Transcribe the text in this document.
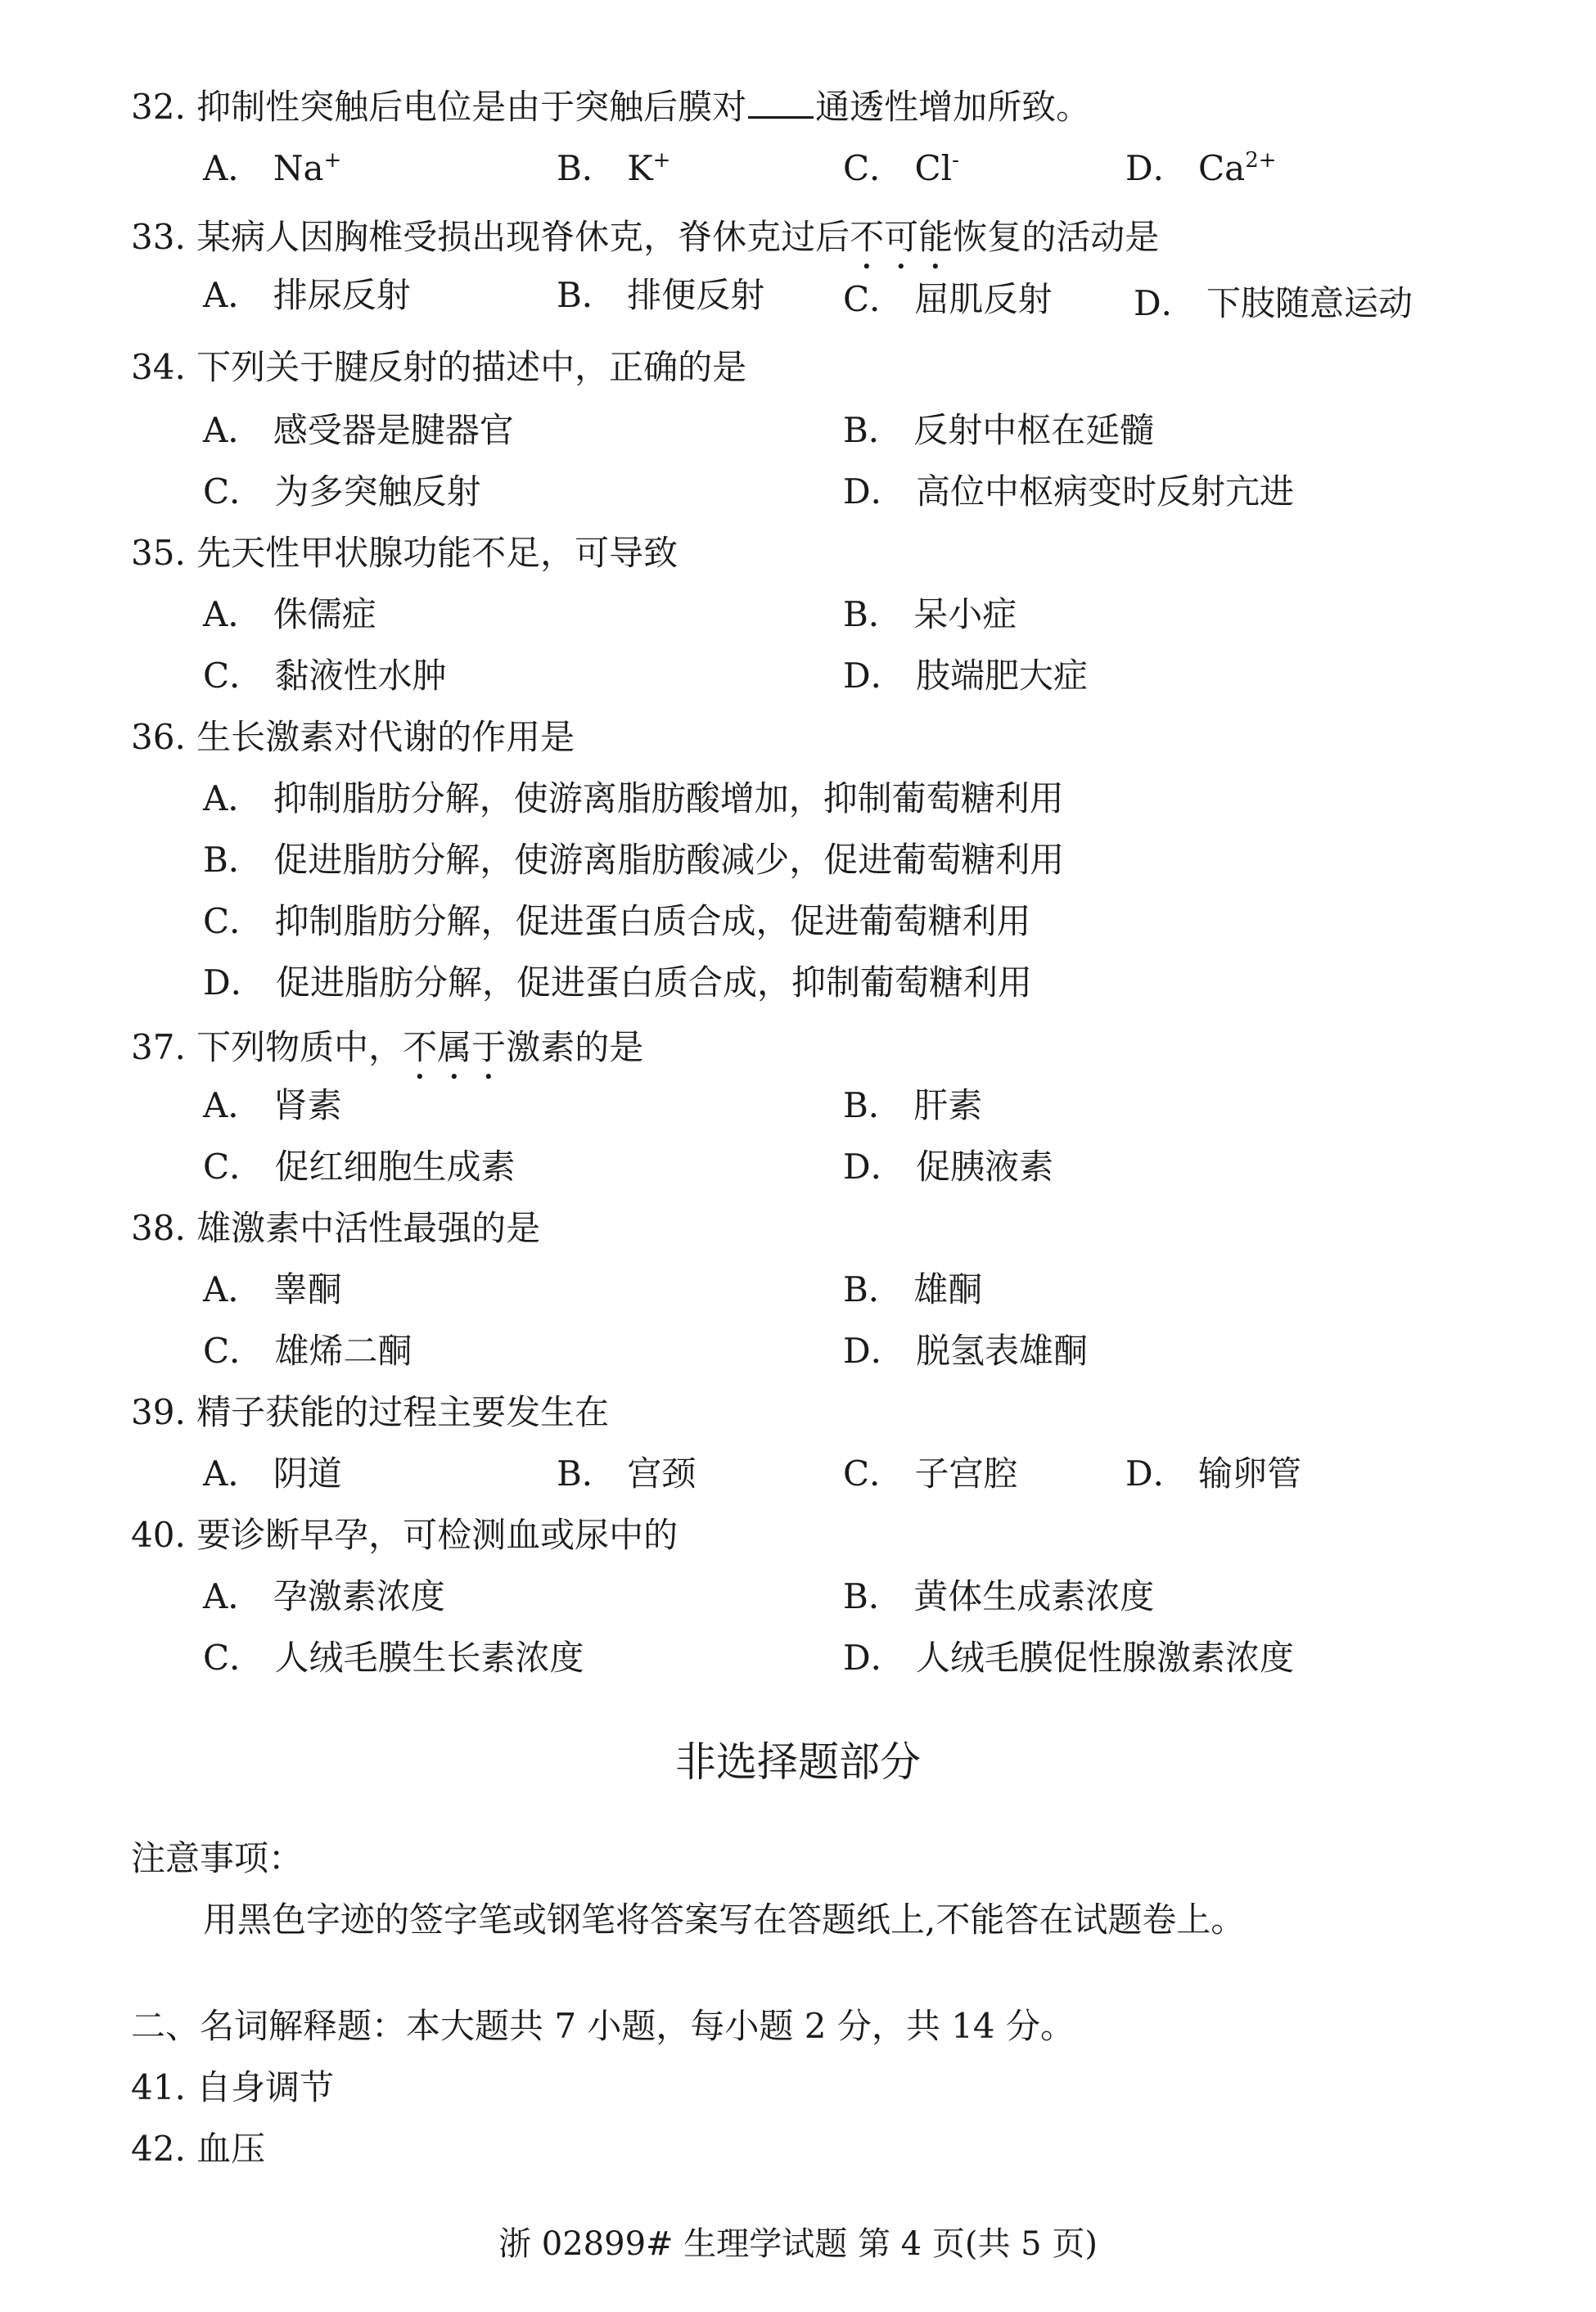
32. 抑制性突触后电位是由于突触后膜对 通透性增加所致。
A． Na+	B． K+	C． Cl-	D． $Ca^{2+}$
33. 某病人因胸椎受损出现脊休克，脊休克过后不可能恢复的活动是
A． 排尿反射	B． 排便反射 C． 屈肌反射 D． 下肢随意运动
34. 下列关于腱反射的描述中，正确的是
A． 感受器是腱器官	B． 反射中枢在延髓
C． 为多突触反射	D． 高位中枢病变时反射亢进
35. 先天性甲状腺功能不足，可导致
A． 侏儒症	B． 呆小症
C． 黏液性水肿	D． 肢端肥大症
36. 生长激素对代谢的作用是
A． 抑制脂肪分解，使游离脂肪酸增加，抑制葡萄糖利用
B． 促进脂肪分解，使游离脂肪酸减少，促进葡萄糖利用
C． 抑制脂肪分解，促进蛋白质合成，促进葡萄糖利用
D． 促进脂肪分解，促进蛋白质合成，抑制葡萄糖利用
37. 下列物质中，不属于激素的是
A． 肾素	B． 肝素
C． 促红细胞生成素	D． 促胰液素
38. 雄激素中活性最强的是
A． 睾酮	B． 雄酮
C． 雄烯二酮	D． 脱氢表雄酮
39. 精子获能的过程主要发生在
A． 阴道	B． 宫颈	C． 子宫腔	D． 输卵管
40. 要诊断早孕，可检测血或尿中的
A． 孕激素浓度	B． 黄体生成素浓度
C． 人绒毛膜生长素浓度	D． 人绒毛膜促性腺激素浓度
非选择题部分
注意事项：
用黑色字迹的签字笔或钢笔将答案写在答题纸上,不能答在试题卷上。
二、名词解释题：本大题共 7 小题，每小题 2 分，共 14 分。
41. 自身调节
42. 血压
浙 02899# 生理学试题 第 4 页(共 5 页)
